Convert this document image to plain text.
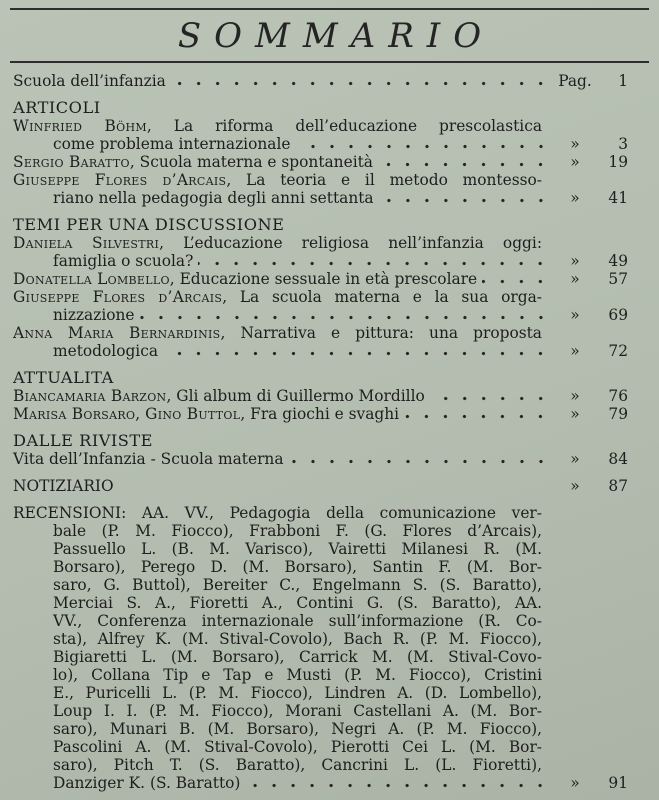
SOMMARIO
Scuola dell’infanzia	Pag.	1
ARTICOLI
Winfried Böhm, La riforma dell’educazione prescolastica
come problema internazionale	»	3
Sergio Baratto, Scuola materna e spontaneità	»	19
Giuseppe Flores d’Arcais, La teoria e il metodo montesso-
riano nella pedagogia degli anni settanta	»	41
TEMI PER UNA DISCUSSIONE
Daniela Silvestri, L’educazione religiosa nell’infanzia oggi:
famiglia o scuola?	»	49
Donatella Lombello, Educazione sessuale in età prescolare	»	57
Giuseppe Flores d’Arcais, La scuola materna e la sua orga-
nizzazione	»	69
Anna Maria Bernardinis, Narrativa e pittura: una proposta
metodologica	»	72
ATTUALITA
Biancamaria Barzon, Gli album di Guillermo Mordillo	»	76
Marisa Borsaro, Gino Buttol, Fra giochi e svaghi	»	79
DALLE RIVISTE
Vita dell’Infanzia - Scuola materna	»	84
NOTIZIARIO	»	87
RECENSIONI: AA. VV., Pedagogia della comunicazione ver-
bale (P. M. Fiocco), Frabboni F. (G. Flores d’Arcais),
Passuello L. (B. M. Varisco), Vairetti Milanesi R. (M.
Borsaro), Perego D. (M. Borsaro), Santin F. (M. Bor-
saro, G. Buttol), Bereiter C., Engelmann S. (S. Baratto),
Merciai S. A., Fioretti A., Contini G. (S. Baratto), AA.
VV., Conferenza internazionale sull’informazione (R. Co-
sta), Alfrey K. (M. Stival-Covolo), Bach R. (P. M. Fiocco),
Bigiaretti L. (M. Borsaro), Carrick M. (M. Stival-Covo-
lo), Collana Tip e Tap e Musti (P. M. Fiocco), Cristini
E., Puricelli L. (P. M. Fiocco), Lindren A. (D. Lombello),
Loup I. I. (P. M. Fiocco), Morani Castellani A. (M. Bor-
saro), Munari B. (M. Borsaro), Negri A. (P. M. Fiocco),
Pascolini A. (M. Stival-Covolo), Pierotti Cei L. (M. Bor-
saro), Pitch T. (S. Baratto), Cancrini L. (L. Fioretti),
Danziger K. (S. Baratto)	»	91
